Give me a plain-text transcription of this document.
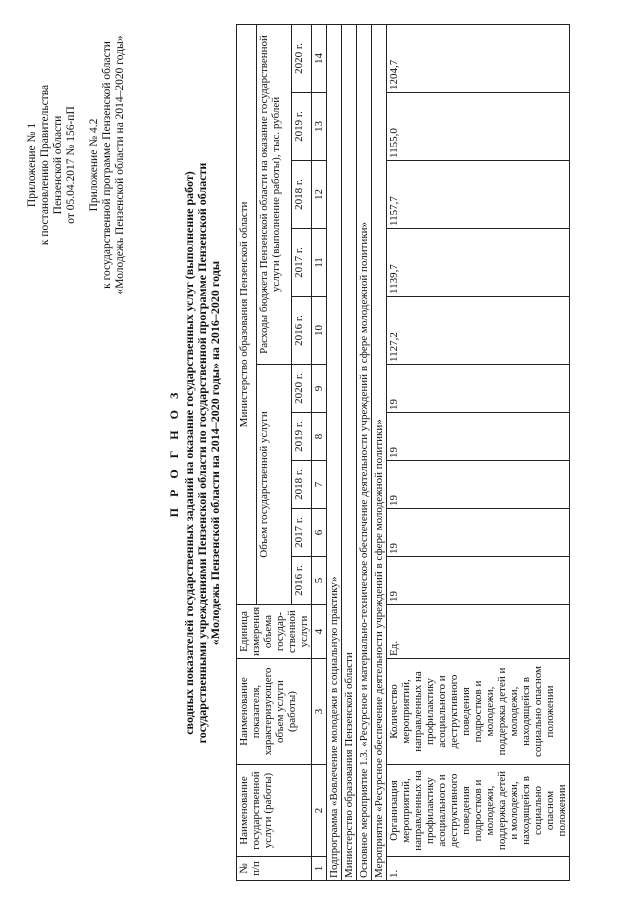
Приложение № 1 к постановлению Правительства Пензенской области от 05.04.2017 № 156-пП Приложение № 4.2 к государственной программе Пензенской области «Молодежь Пензенской области на 2014–2020 годы»
П Р О Г Н О З сводных показателей государственных заданий на оказание государственных услуг (выполнение работ) государственными учреждениями Пензенской области по государственной программе Пензенской области «Молодежь Пензенской области на 2014–2020 годы» на 2016–2020 годы
№ п/п	Наименование государственной услуги (работы)	Наименование показателя, характеризующего объем услуги (работы)	Единица измерения объема государ-ственной услуги	Министерство образования Пензенской области									
				Объем государственной услуги					Расходы бюджета Пензенской области на оказание государственной услуги (выполнение работы), тыс. рублей				
				2016 г.	2017 г.	2018 г.	2019 г.	2020 г.	2016 г.	2017 г.	2018 г.	2019 г.	2020 г.
1	2	3	4	5	6	7	8	9	10	11	12	13	14
Подпрограмма «Вовлечение молодежи в социальную практику»													
Министерство образования Пензенской области													
Основное мероприятие 1.3. «Ресурсное и материально-техническое обеспечение деятельности учреждений в сфере молодежной политики»													
Мероприятие «Ресурсное обеспечение деятельности учреждений в сфере молодежной политики»													
1.	Организация мероприятий, направленных на профилактику асоциального и деструктивного поведения подростков и молодежи, поддержка детей и молодежи, находящейся в социально опасном положении	Количество мероприятий, направленных на профилактику асоциального и деструктивного поведения подростков и молодежи, поддержка детей и молодежи, находящейся в социально опасном положении	Ед.	19	19	19	19	19	1127,2	1139,7	1157,7	1155,0	1204,7
